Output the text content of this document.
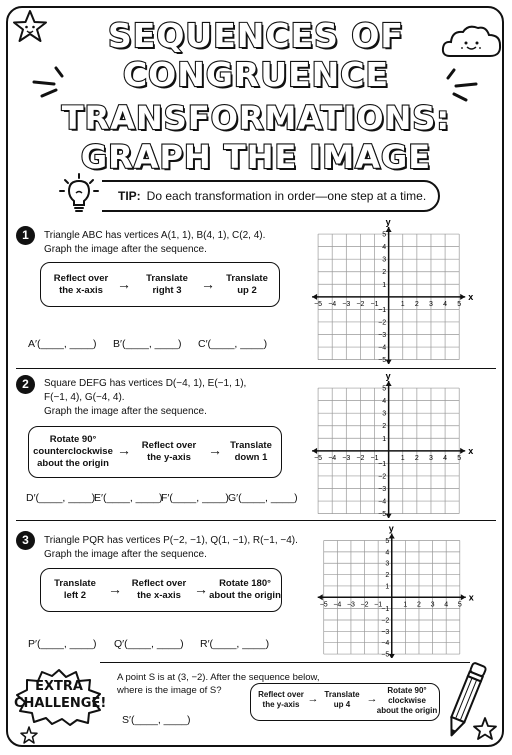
SEQUENCES OF
CONGRUENCE
TRANSFORMATIONS:
GRAPH THE IMAGE
TIP: Do each transformation in order—one step at a time.
1	Triangle ABC has vertices A(1, 1), B(4, 1), C(2, 4).
Graph the image after the sequence.
Reflect over
the x-axis	→ Translate
right 3	→ Translate
up 2
A′(____, ____) B′(____, ____) C′(____, ____)
x
y
−5
−5
−4
−4
−3
−3
−2
−2
−1
−1
1
1
2
2
3
3
4
4
5
5
2	Square DEFG has vertices D(−4, 1), E(−1, 1),
F(−1, 4), G(−4, 4).
Graph the image after the sequence.
Rotate 90°
counterclockwise
about the origin
→ Reflect over
the y-axis	→ Translate
down 1
D′(____, ____)
E′(____, ____)
F′(____, ____) G′(____, ____)
x
y
−5
−5
−4
−4
−3
−3
−2
−2
−1
−1
1
1
2
2
3
3
4
4
5
5
3	Triangle PQR has vertices P(−2, −1), Q(1, −1), R(−1, −4).
Graph the image after the sequence.
Translate
left 2	→ Reflect over
the x-axis →	Rotate 180°
about the origin
P′(____, ____) Q′(____, ____) R′(____, ____)
x
y
−5
−5
−4
−4
−3
−3
−2
−2
−1
−1
1
1
2
2
3
3
4
4
5
5
EXTRA
CHALLENGE!
A point S is at (3, −2). After the sequence below,
where is the image of S?	Reflect over
the y-axis → Translate
up 4	→
Rotate 90°
clockwise
about the origin
S′(____, ____)
